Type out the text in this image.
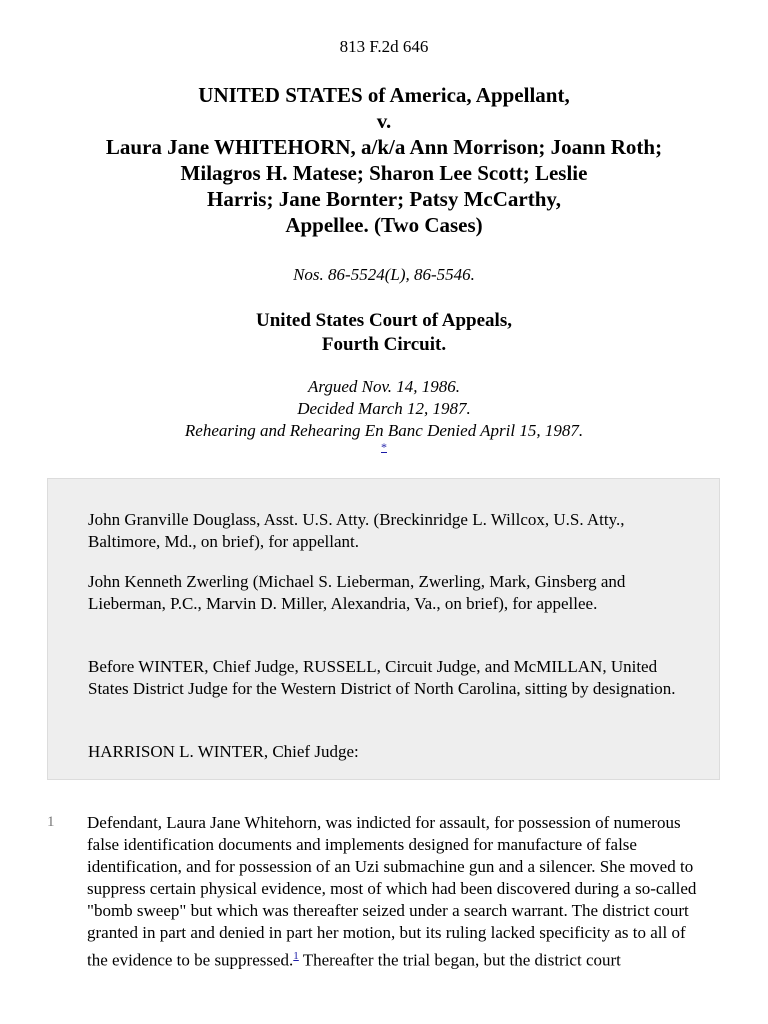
813 F.2d 646
UNITED STATES of America, Appellant,
v.
Laura Jane WHITEHORN, a/k/a Ann Morrison; Joann Roth;
Milagros H. Matese; Sharon Lee Scott; Leslie
Harris; Jane Bornter; Patsy McCarthy,
Appellee. (Two Cases)
Nos. 86-5524(L), 86-5546.
United States Court of Appeals,
Fourth Circuit.
Argued Nov. 14, 1986.
Decided March 12, 1987.
Rehearing and Rehearing En Banc Denied April 15, 1987.
*

John Granville Douglass, Asst. U.S. Atty. (Breckinridge L. Willcox, U.S. Atty., Baltimore, Md., on brief), for appellant.

John Kenneth Zwerling (Michael S. Lieberman, Zwerling, Mark, Ginsberg and Lieberman, P.C., Marvin D. Miller, Alexandria, Va., on brief), for appellee.

Before WINTER, Chief Judge, RUSSELL, Circuit Judge, and McMILLAN, United States District Judge for the Western District of North Carolina, sitting by designation.

HARRISON L. WINTER, Chief Judge:

1 Defendant, Laura Jane Whitehorn, was indicted for assault, for possession of numerous false identification documents and implements designed for manufacture of false identification, and for possession of an Uzi submachine gun and a silencer. She moved to suppress certain physical evidence, most of which had been discovered during a so-called "bomb sweep" but which was thereafter seized under a search warrant. The district court granted in part and denied in part her motion, but its ruling lacked specificity as to all of the evidence to be suppressed.$^1$ Thereafter the trial began, but the district court
